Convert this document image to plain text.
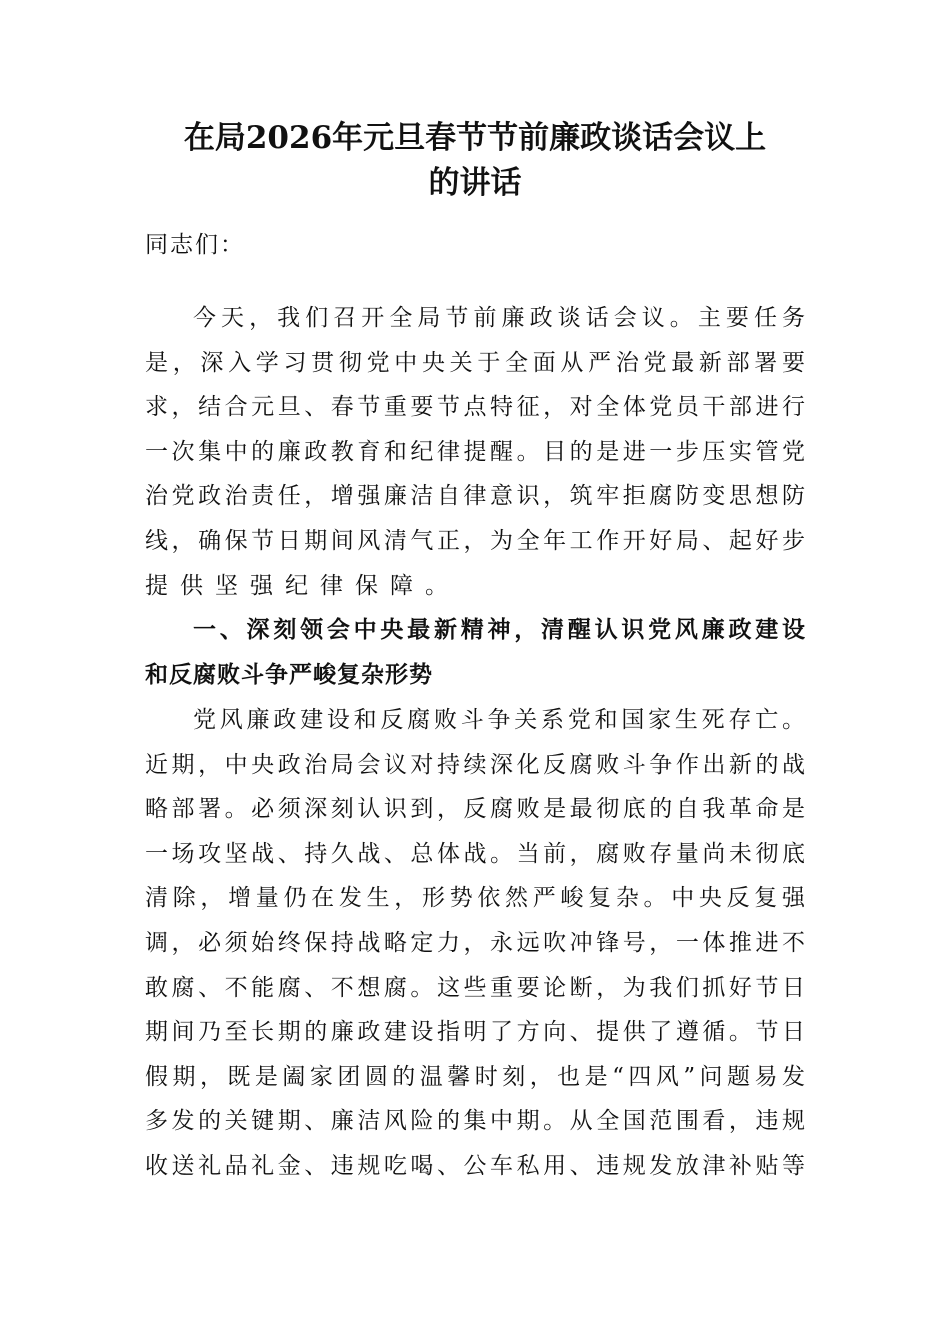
在局2026年元旦春节节前廉政谈话会议上
的讲话
同志们：
今天，我们召开全局节前廉政谈话会议。主要任务
是，深入学习贯彻党中央关于全面从严治党最新部署要
求，结合元旦、春节重要节点特征，对全体党员干部进行
一次集中的廉政教育和纪律提醒。目的是进一步压实管党
治党政治责任，增强廉洁自律意识，筑牢拒腐防变思想防
线，确保节日期间风清气正，为全年工作开好局、起好步
提供坚强纪律保障。
一、深刻领会中央最新精神，清醒认识党风廉政建设
和反腐败斗争严峻复杂形势
党风廉政建设和反腐败斗争关系党和国家生死存亡。
近期，中央政治局会议对持续深化反腐败斗争作出新的战
略部署。必须深刻认识到，反腐败是最彻底的自我革命是
一场攻坚战、持久战、总体战。当前，腐败存量尚未彻底
清除，增量仍在发生，形势依然严峻复杂。中央反复强
调，必须始终保持战略定力，永远吹冲锋号，一体推进不
敢腐、不能腐、不想腐。这些重要论断，为我们抓好节日
期间乃至长期的廉政建设指明了方向、提供了遵循。节日
假期，既是阖家团圆的温馨时刻，也是“四风”问题易发
多发的关键期、廉洁风险的集中期。从全国范围看，违规
收送礼品礼金、违规吃喝、公车私用、违规发放津补贴等
